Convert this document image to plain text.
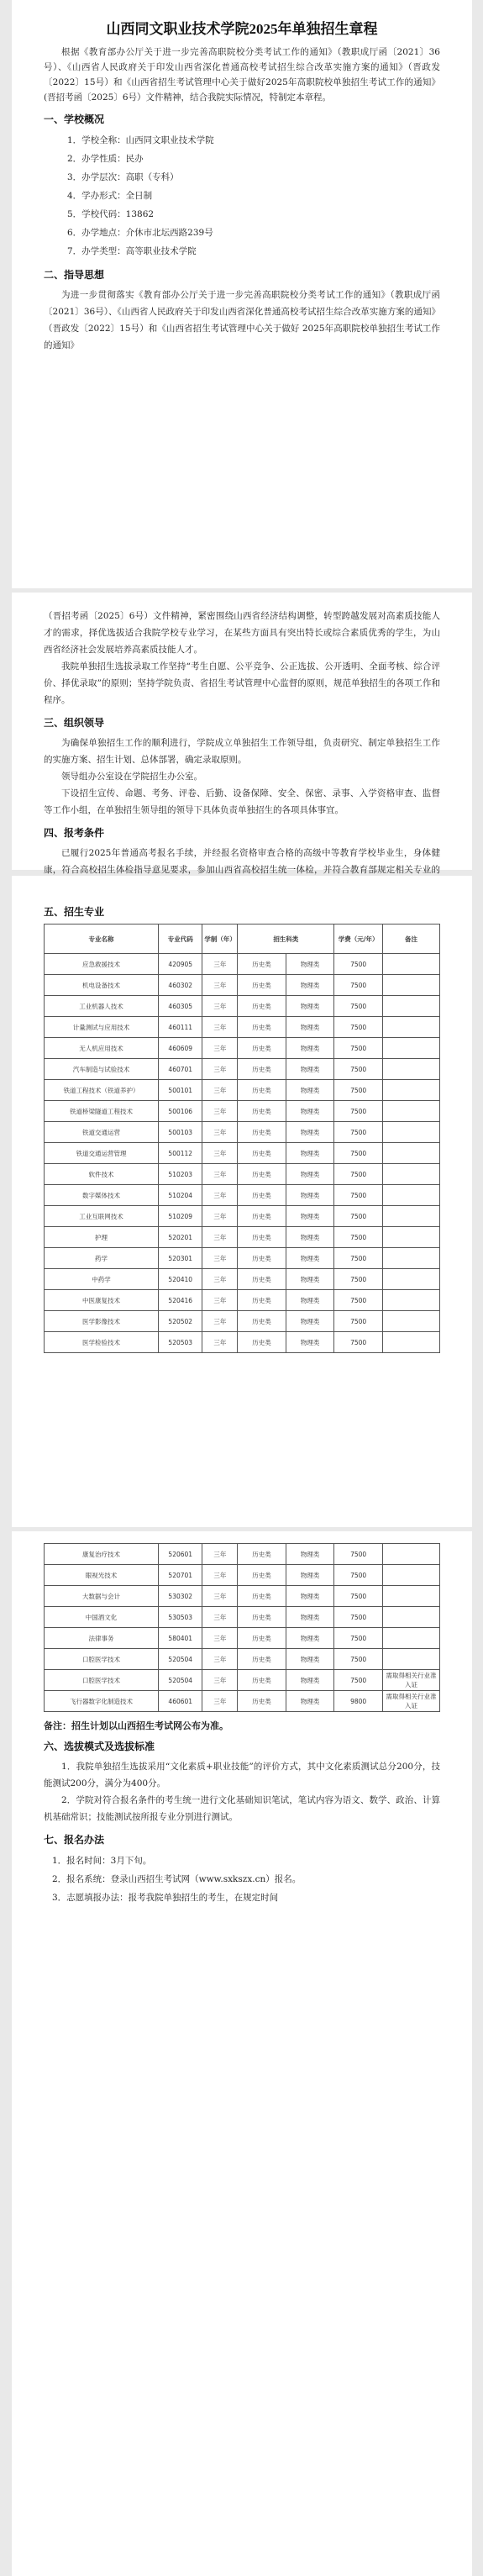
山西同文职业技术学院2025年单独招生章程

根据《教育部办公厅关于进一步完善高职院校分类考试工作的通知》（教职成厅函〔2021〕36号）、《山西省人民政府关于印发山西省深化普通高校考试招生综合改革实施方案的通知》（晋政发〔2022〕15号）和《山西省招生考试管理中心关于做好2025年高职院校单独招生考试工作的通知》(晋招考函〔2025〕6号）文件精神，结合我院实际情况，特制定本章程。

一、学校概况
1．学校全称：山西同文职业技术学院
2．办学性质：民办
3．办学层次：高职（专科）
4．学办形式：全日制
5．学校代码：13862
6．办学地点：介休市北坛西路239号
7．办学类型：高等职业技术学院
二、指导思想

为进一步贯彻落实《教育部办公厅关于进一步完善高职院校分类考试工作的通知》（教职成厅函〔2021〕36号）、《山西省人民政府关于印发山西省深化普通高校考试招生综合改革实施方案的通知》（晋政发〔2022〕15号）和《山西省招生考试管理中心关于做好 2025年高职院校单独招生考试工作的通知》

（晋招考函〔2025〕6号）文件精神，紧密围绕山西省经济结构调整，转型跨越发展对高素质技能人才的需求，择优选拔适合我院学校专业学习，在某些方面具有突出特长或综合素质优秀的学生，为山西省经济社会发展培养高素质技能人才。

我院单独招生选拔录取工作坚持“考生自愿、公平竞争、公正选拔、公开透明、全面考核、综合评价、择优录取”的原则；坚持学院负责、省招生考试管理中心监督的原则，规范单独招生的各项工作和程序。

三、组织领导

为确保单独招生工作的顺利进行，学院成立单独招生工作领导组，负责研究、制定单独招生工作的实施方案、招生计划、总体部署，确定录取原则。

领导组办公室设在学院招生办公室。

下设招生宣传、命题、考务、评卷、后勤、设备保障、安全、保密、录事、入学资格审查、监督等工作小组，在单独招生领导组的领导下具体负责单独招生的各项具体事宜。

四、报考条件

已履行2025年普通高考报名手续，并经报名资格审查合格的高级中等教育学校毕业生，身体健康，符合高校招生体检指导意见要求，参加山西省高校招生统一体检，并符合教育部规定相关专业的

五、招生专业
专业名称	专业代码	学制（年）	招生科类		学费（元/年）	备注
应急救援技术	420905	三年	历史类	物理类	7500	
机电设备技术	460302	三年	历史类	物理类	7500	
工业机器人技术	460305	三年	历史类	物理类	7500	
计量测试与应用技术	460111	三年	历史类	物理类	7500	
无人机应用技术	460609	三年	历史类	物理类	7500	
汽车制造与试验技术	460701	三年	历史类	物理类	7500	
铁道工程技术（铁道养护）	500101	三年	历史类	物理类	7500	
铁道桥梁隧道工程技术	500106	三年	历史类	物理类	7500	
铁道交通运营	500103	三年	历史类	物理类	7500	
铁道交通运营管理	500112	三年	历史类	物理类	7500	
软件技术	510203	三年	历史类	物理类	7500	
数字媒体技术	510204	三年	历史类	物理类	7500	
工业互联网技术	510209	三年	历史类	物理类	7500	
护理	520201	三年	历史类	物理类	7500	
药学	520301	三年	历史类	物理类	7500	
中药学	520410	三年	历史类	物理类	7500	
中医康复技术	520416	三年	历史类	物理类	7500	
医学影像技术	520502	三年	历史类	物理类	7500	
医学检验技术	520503	三年	历史类	物理类	7500	
康复治疗技术	520601	三年	历史类	物理类	7500	
眼视光技术	520701	三年	历史类	物理类	7500	
大数据与会计	530302	三年	历史类	物理类	7500	
中国酒文化	530503	三年	历史类	物理类	7500	
法律事务	580401	三年	历史类	物理类	7500	
口腔医学技术	520504	三年	历史类	物理类	7500	
口腔医学技术	520504	三年	历史类	物理类	7500	需取得相关行业准入证
飞行器数字化制造技术	460601	三年	历史类	物理类	9800	需取得相关行业准入证
备注：招生计划以山西招生考试网公布为准。
六、选拔模式及选拔标准

1．我院单独招生选拔采用“文化素质+职业技能”的评价方式，其中文化素质测试总分200分，技能测试200分，满分为400分。

2．学院对符合报名条件的考生统一进行文化基础知识笔试，笔试内容为语文、数学、政治、计算机基础常识；技能测试按所报专业分别进行测试。

七、报名办法
1．报名时间：3月下旬。
2．报名系统：登录山西招生考试网（www.sxkszx.cn）报名。
3．志愿填报办法：报考我院单独招生的考生，在规定时间
